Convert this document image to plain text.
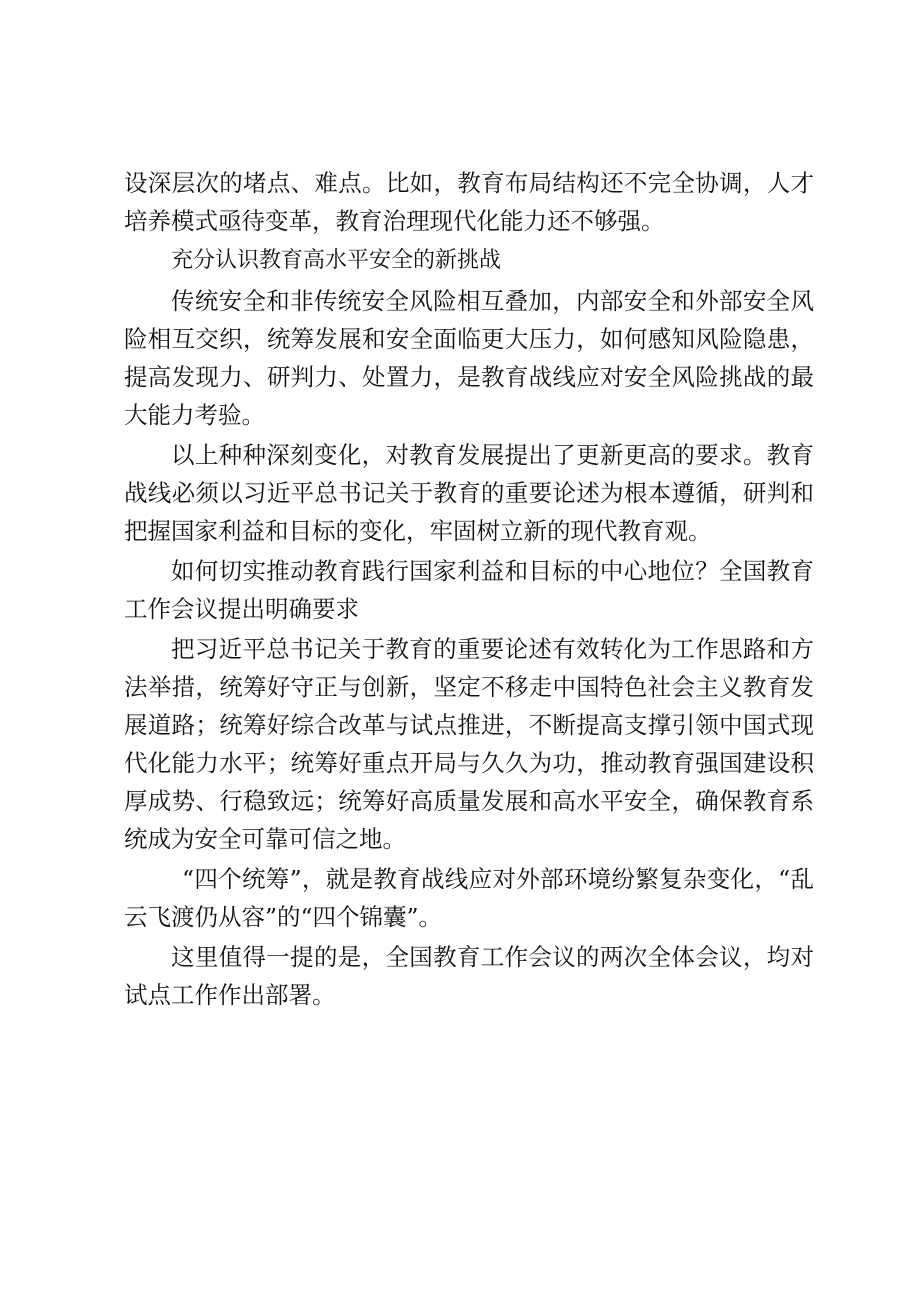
设深层次的堵点、难点。比如，教育布局结构还不完全协调，人才培养模式亟待变革，教育治理现代化能力还不够强。

充分认识教育高水平安全的新挑战

传统安全和非传统安全风险相互叠加，内部安全和外部安全风险相互交织，统筹发展和安全面临更大压力，如何感知风险隐患，提高发现力、研判力、处置力，是教育战线应对安全风险挑战的最大能力考验。

以上种种深刻变化，对教育发展提出了更新更高的要求。教育战线必须以习近平总书记关于教育的重要论述为根本遵循，研判和把握国家利益和目标的变化，牢固树立新的现代教育观。

如何切实推动教育践行国家利益和目标的中心地位？全国教育工作会议提出明确要求

把习近平总书记关于教育的重要论述有效转化为工作思路和方法举措，统筹好守正与创新，坚定不移走中国特色社会主义教育发展道路；统筹好综合改革与试点推进，不断提高支撑引领中国式现代化能力水平；统筹好重点开局与久久为功，推动教育强国建设积厚成势、行稳致远；统筹好高质量发展和高水平安全，确保教育系统成为安全可靠可信之地。

“四个统筹”，就是教育战线应对外部环境纷繁复杂变化，“乱云飞渡仍从容”的“四个锦囊”。

这里值得一提的是，全国教育工作会议的两次全体会议，均对试点工作作出部署。
